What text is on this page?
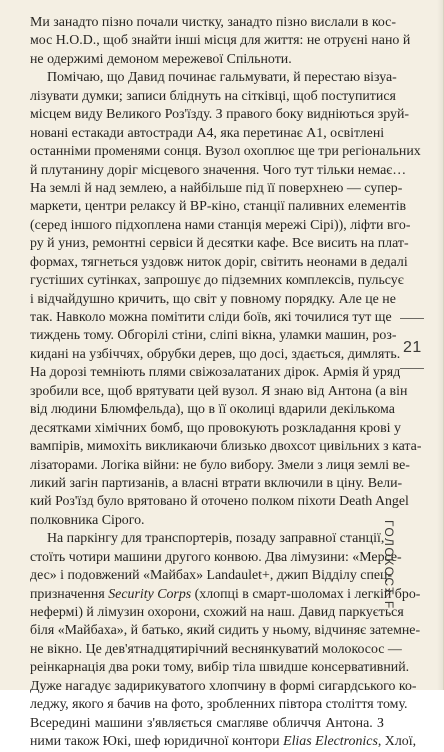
Ми занадто пізно почали чистку, занадто пізно вислали в кос-
мос H.O.D., щоб знайти інші місця для життя: не отруєні нано й
не одержимі демоном мережевої Спільноти.

Помічаю, що Давид починає гальмувати, й перестаю візуа-
лізувати думки; записи бліднуть на сітківці, щоб поступитися
місцем виду Великого Роз'їзду. З правого боку видніються зруй-
новані естакади автостради А4, яка перетинає А1, освітлені
останніми променями сонця. Вузол охоплює ще три регіональних
й плутанину доріг місцевого значення. Чого тут тільки немає…
На землі й над землею, а найбільше під її поверхнею — супер-
маркети, центри релаксу й ВР-кіно, станції паливних елементів
(серед іншого підхоплена нами станція мережі Сірі)), ліфти вго-
ру й униз, ремонтні сервіси й десятки кафе. Все висить на плат-
формах, тягнеться уздовж ниток доріг, світить неонами в дедалі
густіших сутінках, запрошує до підземних комплексів, пульсує
і відчайдушно кричить, що світ у повному порядку. Але це не
так. Навколо можна помітити сліди боїв, які точилися тут ще
тиждень тому. Обгорілі стіни, сліпі вікна, уламки машин, роз-
кидані на узбіччях, обрубки дерев, що досі, здається, димлять.
На дорозі темніють плями свіжозалатаних дірок. Армія й уряд
зробили все, щоб врятувати цей вузол. Я знаю від Антона (а він
від людини Блюмфельда), що в її околиці вдарили декількома
десятками хімічних бомб, що провокують розкладання крові у
вампірів, мимохіть викликаючи близько двохсот цивільних з ката-
лізаторами. Логіка війни: не було вибору. Змели з лиця землі ве-
ликий загін партизанів, а власні втрати включили в ціну. Вели-
кий Роз'їзд було врятовано й оточено полком піхоти Death Angel
полковника Сірого.

На паркінгу для транспортерів, позаду заправної станції,
стоїть чотири машини другого конвою. Два лімузини: «Мерсе-
дес» і подовжений «Майбах» Landaulet+, джип Відділу спец-
призначення Security Corps (хлопці в смарт-шоломах і легкій бро-
нефермі) й лімузин охорони, схожий на наш. Давид паркується
біля «Майбаха», й батько, який сидить у ньому, відчиняє затемне-
не вікно. Це дев'ятнадцятирічний веснянкуватий молокосос —
реінкарнація два роки тому, вибір тіла швидше консервативний.
Дуже нагадує задирикуватого хлопчину в формі сигардського ко-
леджу, якого я бачив на фото, зробленних півтора століття тому.
Всередині машини з'являється смагляве обличчя Антона. З
ними також Юкі, шеф юридичної контори Elias Electronics, Хлої,

21
ГОЛОКОСТ F
